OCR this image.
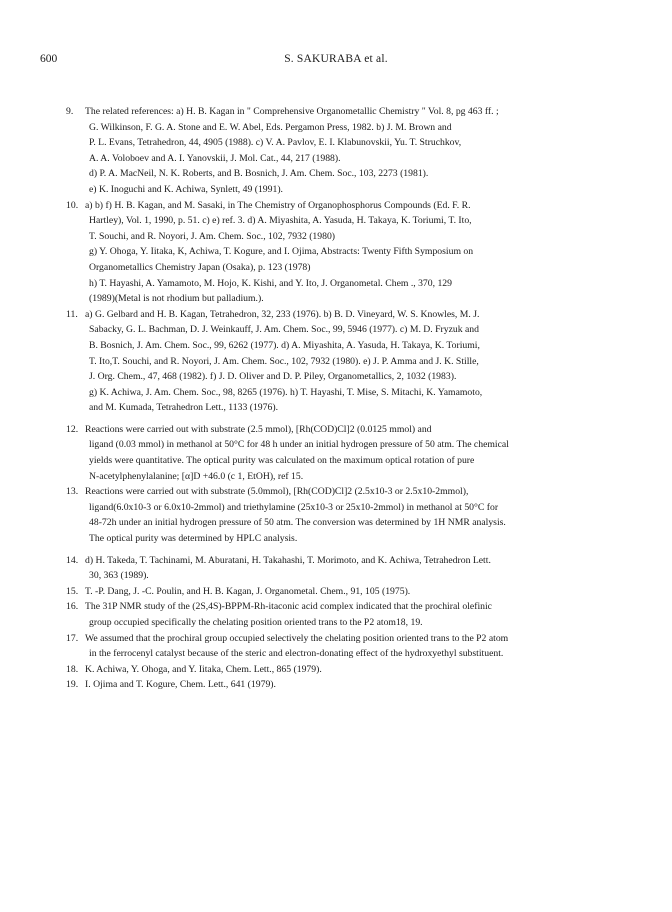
600	S. SAKURABA et al.
9. The related references: a) H. B. Kagan in " Comprehensive Organometallic Chemistry " Vol. 8, pg 463 ff. ;
G. Wilkinson, F. G. A. Stone and E. W. Abel, Eds. Pergamon Press, 1982. b) J. M. Brown and
P. L. Evans, Tetrahedron, 44, 4905 (1988). c) V. A. Pavlov, E. I. Klabunovskii, Yu. T. Struchkov,
A. A. Voloboev and A. I. Yanovskii, J. Mol. Cat., 44, 217 (1988).
d) P. A. MacNeil, N. K. Roberts, and B. Bosnich, J. Am. Chem. Soc., 103, 2273 (1981).
e) K. Inoguchi and K. Achiwa, Synlett, 49 (1991).
10. a) b) f) H. B. Kagan, and M. Sasaki, in The Chemistry of Organophosphorus Compounds (Ed. F. R.
Hartley), Vol. 1, 1990, p. 51. c) e) ref. 3. d) A. Miyashita, A. Yasuda, H. Takaya, K. Toriumi, T. Ito,
T. Souchi, and R. Noyori, J. Am. Chem. Soc., 102, 7932 (1980)
g) Y. Ohoga, Y. Iitaka, K, Achiwa, T. Kogure, and I. Ojima, Abstracts: Twenty Fifth Symposium on
Organometallics Chemistry Japan (Osaka), p. 123 (1978)
h) T. Hayashi, A. Yamamoto, M. Hojo, K. Kishi, and Y. Ito, J. Organometal. Chem ., 370, 129
(1989)(Metal is not rhodium but palladium.).
11. a) G. Gelbard and H. B. Kagan, Tetrahedron, 32, 233 (1976). b) B. D. Vineyard, W. S. Knowles, M. J.
Sabacky, G. L. Bachman, D. J. Weinkauff, J. Am. Chem. Soc., 99, 5946 (1977). c) M. D. Fryzuk and
B. Bosnich, J. Am. Chem. Soc., 99, 6262 (1977). d) A. Miyashita, A. Yasuda, H. Takaya, K. Toriumi,
T. Ito,T. Souchi, and R. Noyori, J. Am. Chem. Soc., 102, 7932 (1980). e) J. P. Amma and J. K. Stille,
J. Org. Chem., 47, 468 (1982). f) J. D. Oliver and D. P. Piley, Organometallics, 2, 1032 (1983).
g) K. Achiwa, J. Am. Chem. Soc., 98, 8265 (1976). h) T. Hayashi, T. Mise, S. Mitachi, K. Yamamoto,
and M. Kumada, Tetrahedron Lett., 1133 (1976).
12. Reactions were carried out with substrate (2.5 mmol), [Rh(COD)Cl]2 (0.0125 mmol) and
ligand (0.03 mmol) in methanol at 50°C for 48 h under an initial hydrogen pressure of 50 atm. The chemical
yields were quantitative. The optical purity was calculated on the maximum optical rotation of pure
N-acetylphenylalanine; [α]D +46.0 (c 1, EtOH), ref 15.
13. Reactions were carried out with substrate (5.0mmol), [Rh(COD)Cl]2 (2.5x10-3 or 2.5x10-2mmol),
ligand(6.0x10-3 or 6.0x10-2mmol) and triethylamine (25x10-3 or 25x10-2mmol) in methanol at 50°C for
48-72h under an initial hydrogen pressure of 50 atm. The conversion was determined by 1H NMR analysis.
The optical purity was determined by HPLC analysis.
14. d) H. Takeda, T. Tachinami, M. Aburatani, H. Takahashi, T. Morimoto, and K. Achiwa, Tetrahedron Lett.
30, 363 (1989).
15. T. -P. Dang, J. -C. Poulin, and H. B. Kagan, J. Organometal. Chem., 91, 105 (1975).
16. The 31P NMR study of the (2S,4S)-BPPM-Rh-itaconic acid complex indicated that the prochiral olefinic
group occupied specifically the chelating position oriented trans to the P2 atom18, 19.
17. We assumed that the prochiral group occupied selectively the chelating position oriented trans to the P2 atom
in the ferrocenyl catalyst because of the steric and electron-donating effect of the hydroxyethyl substituent.
18. K. Achiwa, Y. Ohoga, and Y. Iitaka, Chem. Lett., 865 (1979).
19. I. Ojima and T. Kogure, Chem. Lett., 641 (1979).
